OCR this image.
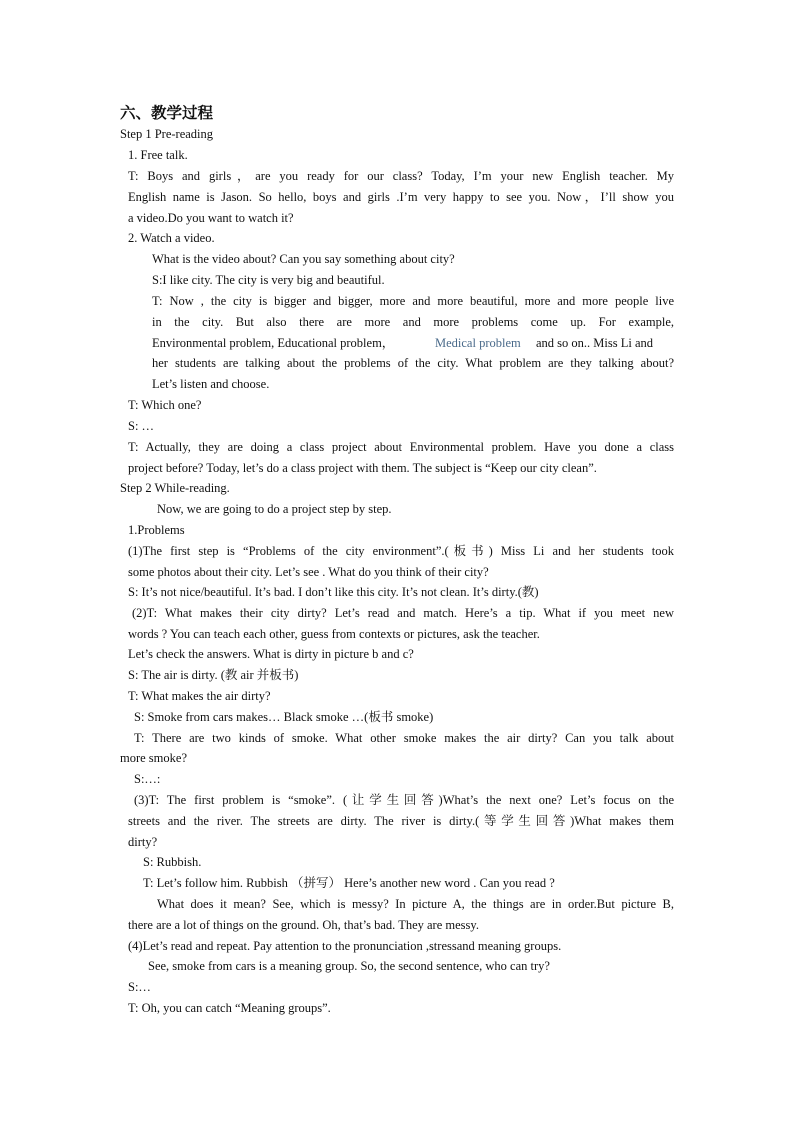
六、教学过程
Step 1 Pre-reading
1. Free talk.
T: Boys and girls，are you ready for our class? Today, I’m your new English teacher. My
English name is Jason. So hello, boys and girls .I’m very happy to see you. Now，I’ll show you
a video.Do you want to watch it?
2. Watch a video.
What is the video about? Can you say something about city?
S:I like city. The city is very big and beautiful.
T: Now , the city is bigger and bigger, more and more beautiful, more and more people live
in the city. But also there are more and more problems come up. For example,
Environmental problem, Educational problem，	Medical problem and so on.. Miss Li and
her students are talking about the problems of the city. What problem are they talking about?
Let’s listen and choose.
T: Which one?
S: …
T: Actually, they are doing a class project about Environmental problem. Have you done a class
project before? Today, let’s do a class project with them. The subject is “Keep our city clean”.
Step 2 While-reading.
Now, we are going to do a project step by step.
1.Problems
(1)The first step is “Problems of the city environment”.(板书) Miss Li and her students took
some photos about their city. Let’s see . What do you think of their city?
S: It’s not nice/beautiful. It’s bad. I don’t like this city. It’s not clean. It’s dirty.(教)
(2)T: What makes their city dirty? Let’s read and match. Here’s a tip. What if you meet new
words ? You can teach each other, guess from contexts or pictures, ask the teacher.
Let’s check the answers. What is dirty in picture b and c?
S: The air is dirty. (教 air 并板书)
T: What makes the air dirty?
S: Smoke from cars makes… Black smoke …(板书 smoke)
T: There are two kinds of smoke. What other smoke makes the air dirty? Can you talk about
more smoke?
S:…:
(3)T: The first problem is “smoke”. (让学生回答)What’s the next one? Let’s focus on the
streets and the river. The streets are dirty. The river is dirty.(等学生回答)What makes them
dirty?
S: Rubbish.
T: Let’s follow him. Rubbish （拼写） Here’s another new word . Can you read ?
What does it mean? See, which is messy? In picture A, the things are in order.But picture B,
there are a lot of things on the ground. Oh, that’s bad. They are messy.
(4)Let’s read and repeat. Pay attention to the pronunciation ,stressand meaning groups.
See, smoke from cars is a meaning group. So, the second sentence, who can try?
S:…
T: Oh, you can catch “Meaning groups”.
